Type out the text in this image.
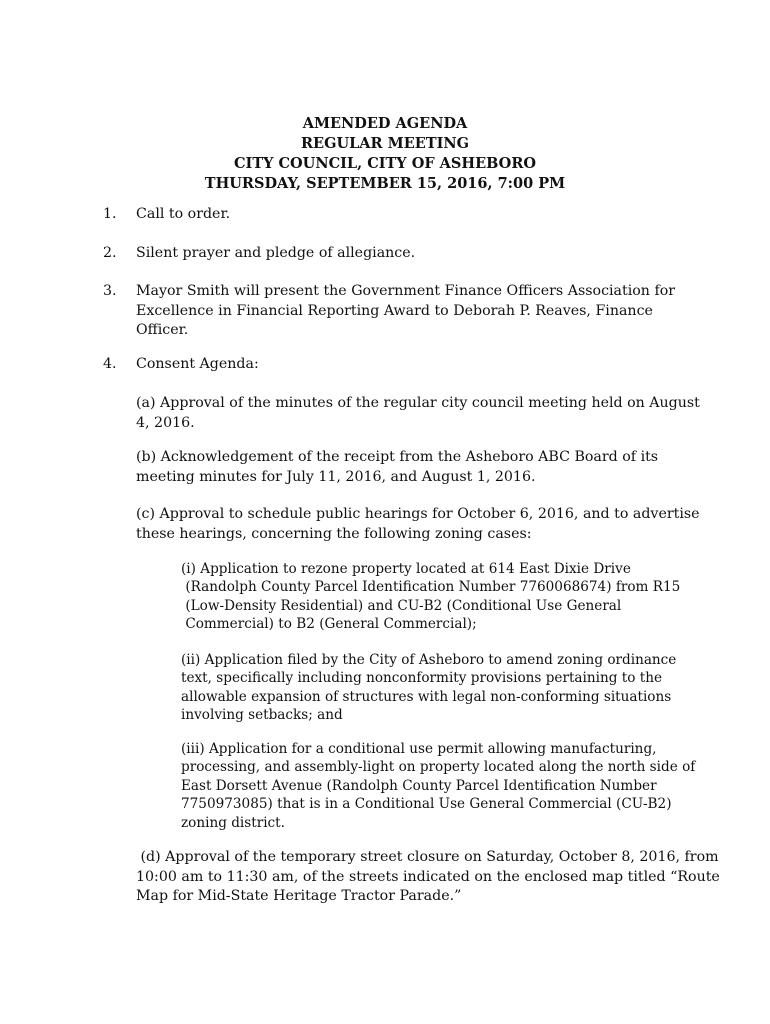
AMENDED AGENDA
REGULAR MEETING
CITY COUNCIL, CITY OF ASHEBORO
THURSDAY, SEPTEMBER 15, 2016, 7:00 PM
1.	Call to order.
2.	Silent prayer and pledge of allegiance.
3.	Mayor Smith will present the Government Finance Officers Association for
Excellence in Financial Reporting Award to Deborah P. Reaves, Finance
Officer.
4.	Consent Agenda:
(a) Approval of the minutes of the regular city council meeting held on August
4, 2016.
(b) Acknowledgement of the receipt from the Asheboro ABC Board of its
meeting minutes for July 11, 2016, and August 1, 2016.
(c) Approval to schedule public hearings for October 6, 2016, and to advertise
these hearings, concerning the following zoning cases:
(i) Application to rezone property located at 614 East Dixie Drive
(Randolph County Parcel Identification Number 7760068674) from R15
(Low-Density Residential) and CU-B2 (Conditional Use General
Commercial) to B2 (General Commercial);
(ii) Application filed by the City of Asheboro to amend zoning ordinance
text, specifically including nonconformity provisions pertaining to the
allowable expansion of structures with legal non-conforming situations
involving setbacks; and
(iii) Application for a conditional use permit allowing manufacturing,
processing, and assembly-light on property located along the north side of
East Dorsett Avenue (Randolph County Parcel Identification Number
7750973085) that is in a Conditional Use General Commercial (CU-B2)
zoning district.
(d) Approval of the temporary street closure on Saturday, October 8, 2016, from
10:00 am to 11:30 am, of the streets indicated on the enclosed map titled “Route
Map for Mid-State Heritage Tractor Parade.”
